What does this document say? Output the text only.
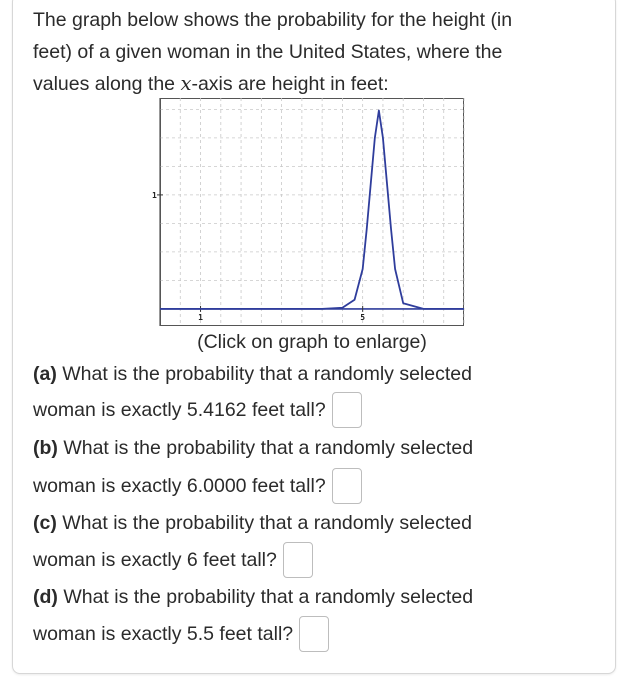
The graph below shows the probability for the height (in
feet) of a given woman in the United States, where the
values along the x-axis are height in feet:

1
1	5
(Click on graph to enlarge)
(a) What is the probability that a randomly selected
woman is exactly 5.4162 feet tall?
(b) What is the probability that a randomly selected
woman is exactly 6.0000 feet tall?
(c) What is the probability that a randomly selected
woman is exactly 6 feet tall?
(d) What is the probability that a randomly selected
woman is exactly 5.5 feet tall?
